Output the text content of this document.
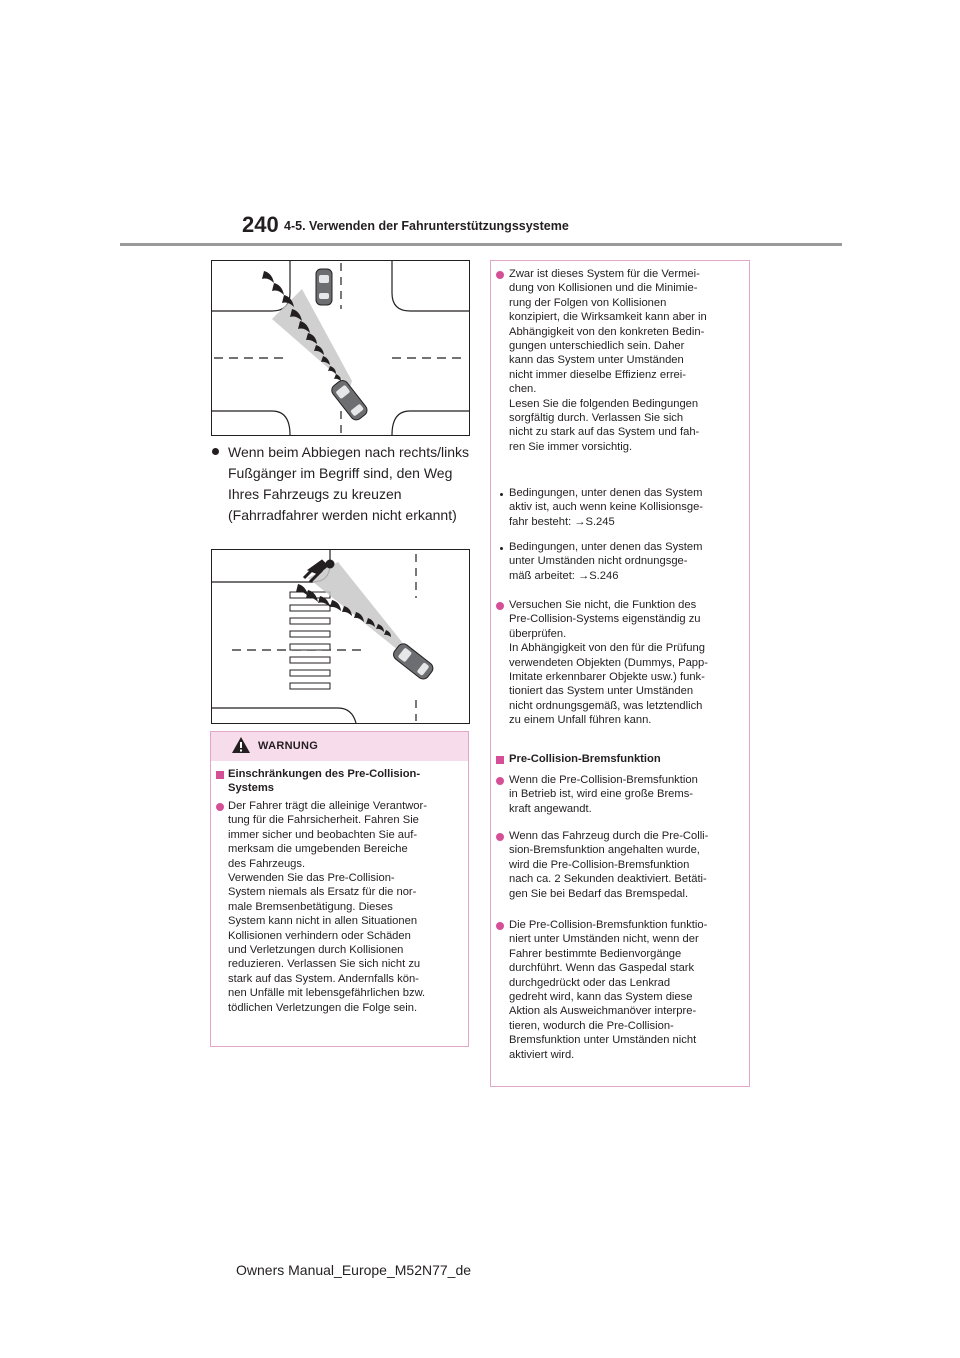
240 4-5. Verwenden der Fahrunterstützungssysteme
Wenn beim Abbiegen nach rechts/links Fußgänger im Begriff sind, den Weg Ihres Fahrzeugs zu kreuzen (Fahrradfahrer werden nicht erkannt)
WARNUNG
Einschränkungen des Pre-Collision-
Systems
Der Fahrer trägt die alleinige Verantwor-
tung für die Fahrsicherheit. Fahren Sie
immer sicher und beobachten Sie auf-
merksam die umgebenden Bereiche
des Fahrzeugs.
Verwenden Sie das Pre-Collision-
System niemals als Ersatz für die nor-
male Bremsenbetätigung. Dieses
System kann nicht in allen Situationen
Kollisionen verhindern oder Schäden
und Verletzungen durch Kollisionen
reduzieren. Verlassen Sie sich nicht zu
stark auf das System. Andernfalls kön-
nen Unfälle mit lebensgefährlichen bzw.
tödlichen Verletzungen die Folge sein.
Zwar ist dieses System für die Vermei-
dung von Kollisionen und die Minimie-
rung der Folgen von Kollisionen
konzipiert, die Wirksamkeit kann aber in
Abhängigkeit von den konkreten Bedin-
gungen unterschiedlich sein. Daher
kann das System unter Umständen
nicht immer dieselbe Effizienz errei-
chen.
Lesen Sie die folgenden Bedingungen
sorgfältig durch. Verlassen Sie sich
nicht zu stark auf das System und fah-
ren Sie immer vorsichtig.
Bedingungen, unter denen das System
aktiv ist, auch wenn keine Kollisionsge-
fahr besteht: →S.245
Bedingungen, unter denen das System
unter Umständen nicht ordnungsge-
mäß arbeitet: →S.246
Versuchen Sie nicht, die Funktion des
Pre-Collision-Systems eigenständig zu
überprüfen.
In Abhängigkeit von den für die Prüfung
verwendeten Objekten (Dummys, Papp-
Imitate erkennbarer Objekte usw.) funk-
tioniert das System unter Umständen
nicht ordnungsgemäß, was letztendlich
zu einem Unfall führen kann.
Pre-Collision-Bremsfunktion
Wenn die Pre-Collision-Bremsfunktion
in Betrieb ist, wird eine große Brems-
kraft angewandt.
Wenn das Fahrzeug durch die Pre-Colli-
sion-Bremsfunktion angehalten wurde,
wird die Pre-Collision-Bremsfunktion
nach ca. 2 Sekunden deaktiviert. Betäti-
gen Sie bei Bedarf das Bremspedal.
Die Pre-Collision-Bremsfunktion funktio-
niert unter Umständen nicht, wenn der
Fahrer bestimmte Bedienvorgänge
durchführt. Wenn das Gaspedal stark
durchgedrückt oder das Lenkrad
gedreht wird, kann das System diese
Aktion als Ausweichmanöver interpre-
tieren, wodurch die Pre-Collision-
Bremsfunktion unter Umständen nicht
aktiviert wird.
Owners Manual_Europe_M52N77_de
